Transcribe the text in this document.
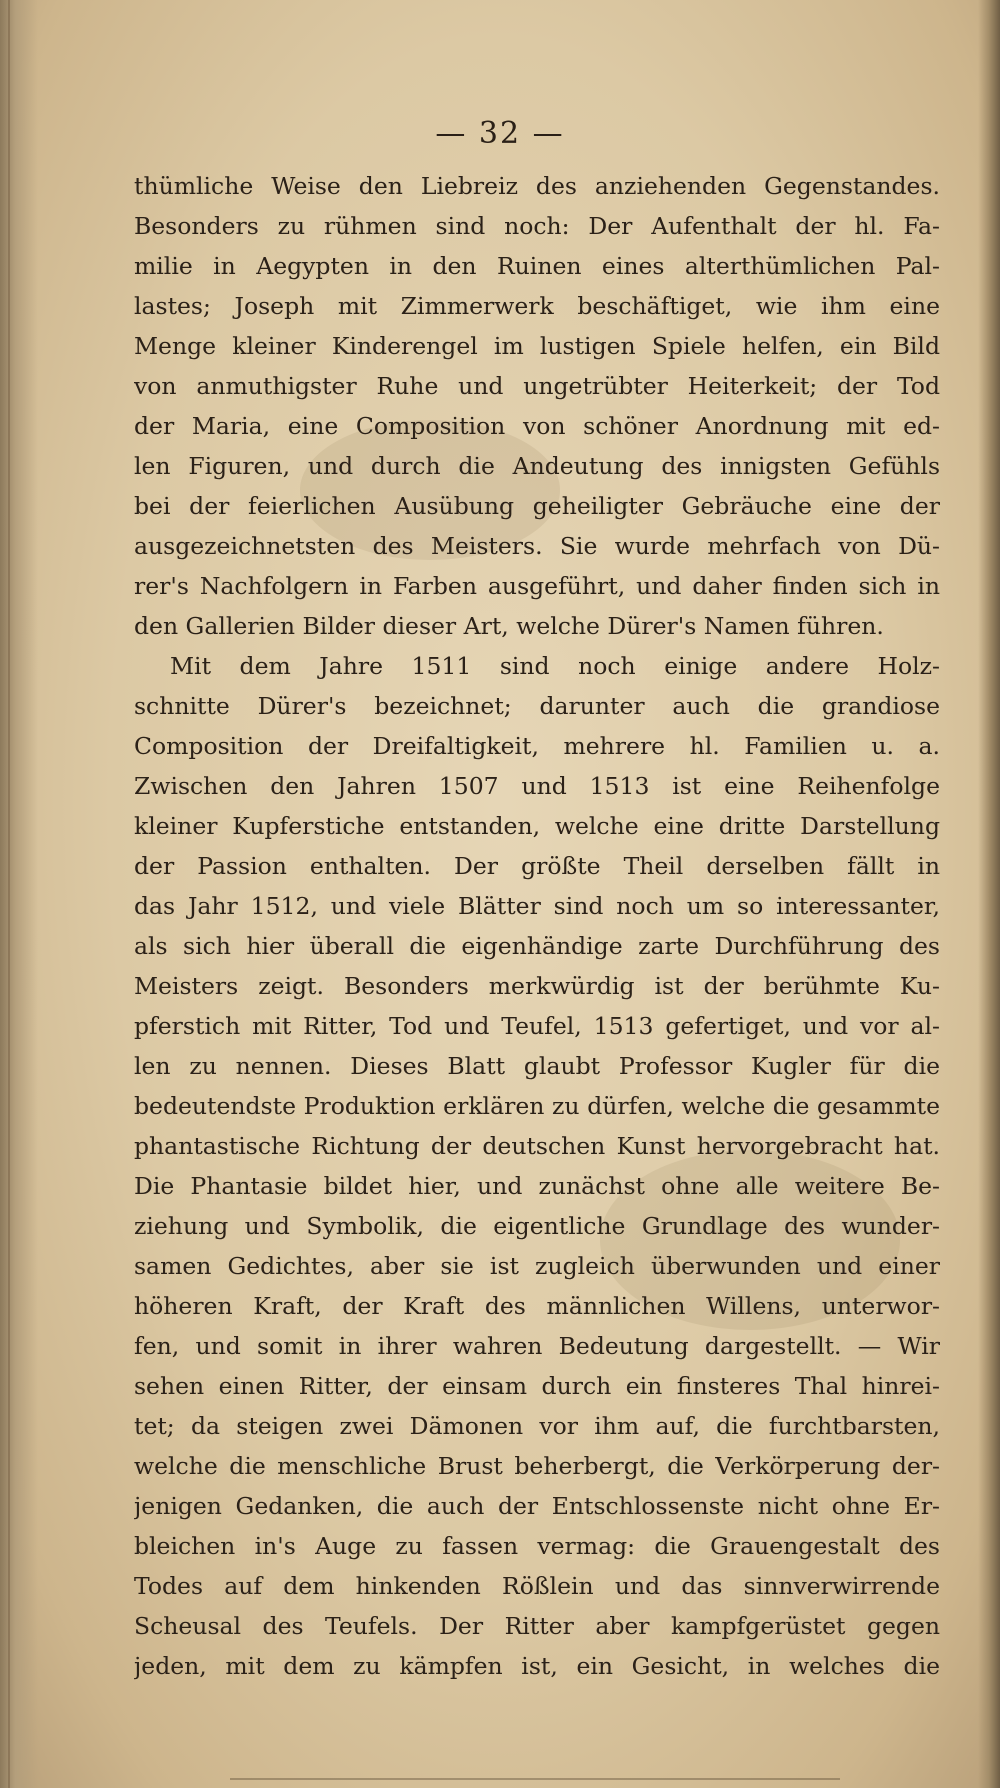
— 32 —
thümliche Weise den Liebreiz des anziehenden Gegenstandes.
Besonders zu rühmen sind noch: Der Aufenthalt der hl. Fa-
milie in Aegypten in den Ruinen eines alterthümlichen Pal-
lastes; Joseph mit Zimmerwerk beschäftiget, wie ihm eine
Menge kleiner Kinderengel im lustigen Spiele helfen, ein Bild
von anmuthigster Ruhe und ungetrübter Heiterkeit; der Tod
der Maria, eine Composition von schöner Anordnung mit ed-
len Figuren, und durch die Andeutung des innigsten Gefühls
bei der feierlichen Ausübung geheiligter Gebräuche eine der
ausgezeichnetsten des Meisters. Sie wurde mehrfach von Dü-
rer's Nachfolgern in Farben ausgeführt, und daher finden sich in
den Gallerien Bilder dieser Art, welche Dürer's Namen führen.
Mit dem Jahre 1511 sind noch einige andere Holz-
schnitte Dürer's bezeichnet; darunter auch die grandiose
Composition der Dreifaltigkeit, mehrere hl. Familien u. a.
Zwischen den Jahren 1507 und 1513 ist eine Reihenfolge
kleiner Kupferstiche entstanden, welche eine dritte Darstellung
der Passion enthalten. Der größte Theil derselben fällt in
das Jahr 1512, und viele Blätter sind noch um so interessanter,
als sich hier überall die eigenhändige zarte Durchführung des
Meisters zeigt. Besonders merkwürdig ist der berühmte Ku-
pferstich mit Ritter, Tod und Teufel, 1513 gefertiget, und vor al-
len zu nennen. Dieses Blatt glaubt Professor Kugler für die
bedeutendste Produktion erklären zu dürfen, welche die gesammte
phantastische Richtung der deutschen Kunst hervorgebracht hat.
Die Phantasie bildet hier, und zunächst ohne alle weitere Be-
ziehung und Symbolik, die eigentliche Grundlage des wunder-
samen Gedichtes, aber sie ist zugleich überwunden und einer
höheren Kraft, der Kraft des männlichen Willens, unterwor-
fen, und somit in ihrer wahren Bedeutung dargestellt. — Wir
sehen einen Ritter, der einsam durch ein finsteres Thal hinrei-
tet; da steigen zwei Dämonen vor ihm auf, die furchtbarsten,
welche die menschliche Brust beherbergt, die Verkörperung der-
jenigen Gedanken, die auch der Entschlossenste nicht ohne Er-
bleichen in's Auge zu fassen vermag: die Grauengestalt des
Todes auf dem hinkenden Rößlein und das sinnverwirrende
Scheusal des Teufels. Der Ritter aber kampfgerüstet gegen
jeden, mit dem zu kämpfen ist, ein Gesicht, in welches die
